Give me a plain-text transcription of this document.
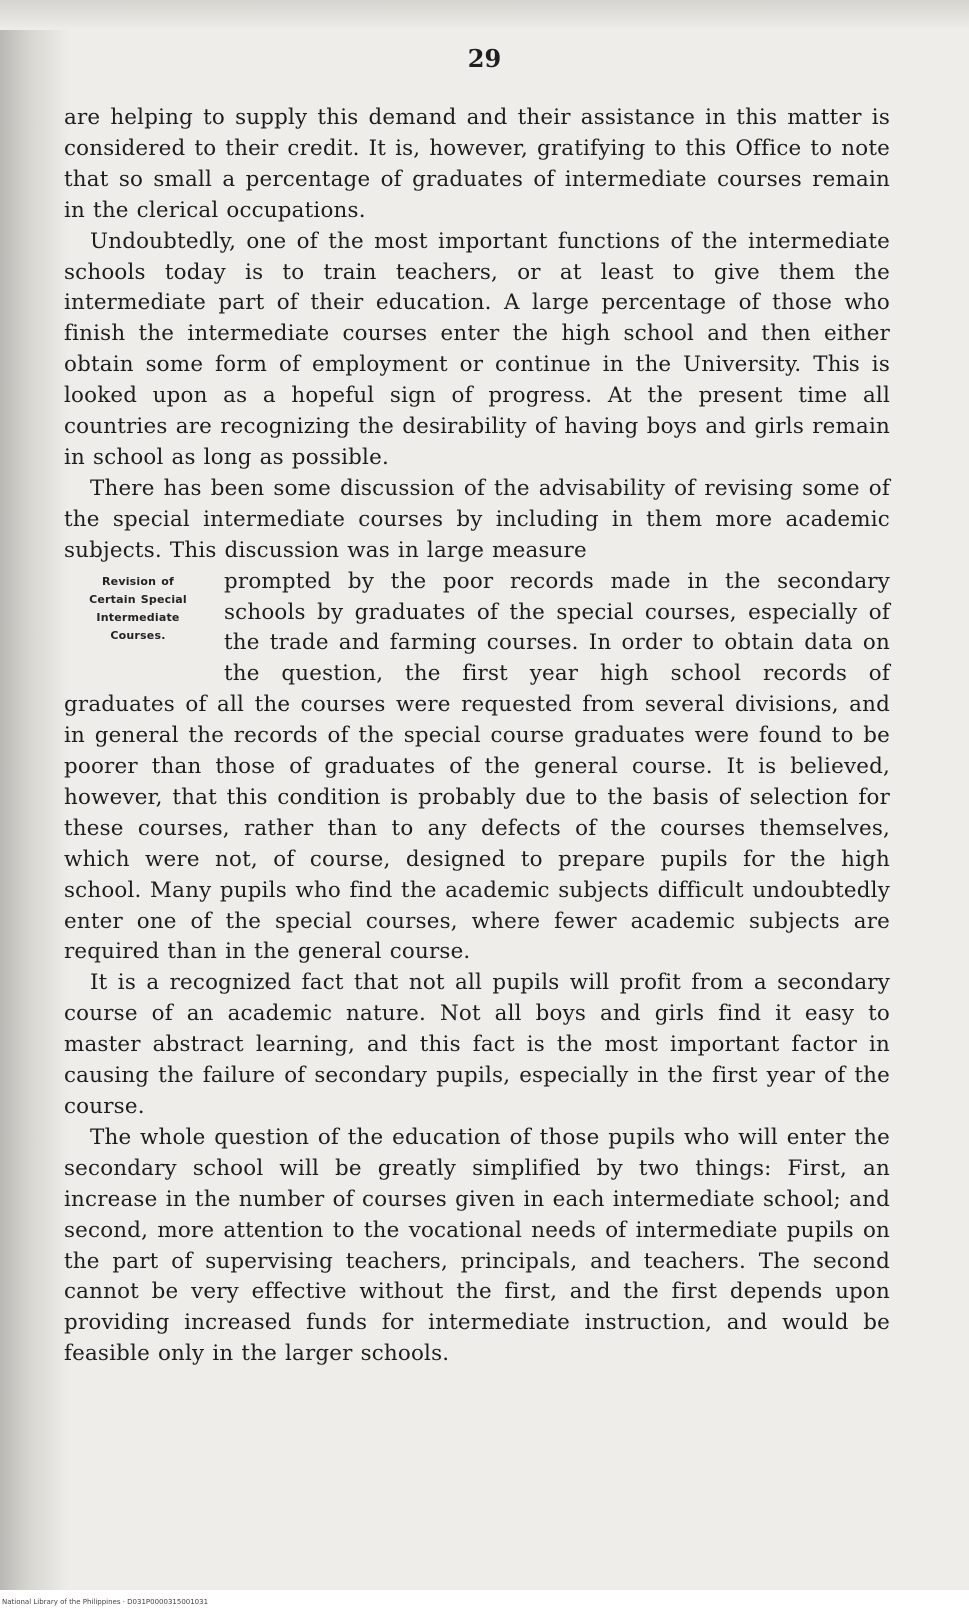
29

are helping to supply this demand and their assistance in this matter is considered to their credit. It is, however, gratifying to this Office to note that so small a percentage of graduates of intermediate courses remain in the clerical occupations.

Undoubtedly, one of the most important functions of the intermediate schools today is to train teachers, or at least to give them the intermediate part of their education. A large percentage of those who finish the intermediate courses enter the high school and then either obtain some form of employment or continue in the University. This is looked upon as a hopeful sign of progress. At the present time all countries are recognizing the desirability of having boys and girls remain in school as long as possible.

There has been some discussion of the advisability of revising some of the special intermediate courses by including in them more academic subjects. This discussion was in large measure

Revision of
Certain Special
Intermediate
Courses.

prompted by the poor records made in the secondary schools by graduates of the special courses, especially of the trade and farming courses. In order to obtain data on the question, the first year high school records of graduates of all the courses were requested from several divisions, and in general the records of the special course graduates were found to be poorer than those of graduates of the general course. It is believed, however, that this condition is probably due to the basis of selection for these courses, rather than to any defects of the courses themselves, which were not, of course, designed to prepare pupils for the high school. Many pupils who find the academic subjects difficult undoubtedly enter one of the special courses, where fewer academic subjects are required than in the general course.

It is a recognized fact that not all pupils will profit from a secondary course of an academic nature. Not all boys and girls find it easy to master abstract learning, and this fact is the most important factor in causing the failure of secondary pupils, especially in the first year of the course.

The whole question of the education of those pupils who will enter the secondary school will be greatly simplified by two things: First, an increase in the number of courses given in each intermediate school; and second, more attention to the vocational needs of intermediate pupils on the part of supervising teachers, principals, and teachers. The second cannot be very effective without the first, and the first depends upon providing increased funds for intermediate instruction, and would be feasible only in the larger schools.

National Library of the Philippines · D031P0000315001031
